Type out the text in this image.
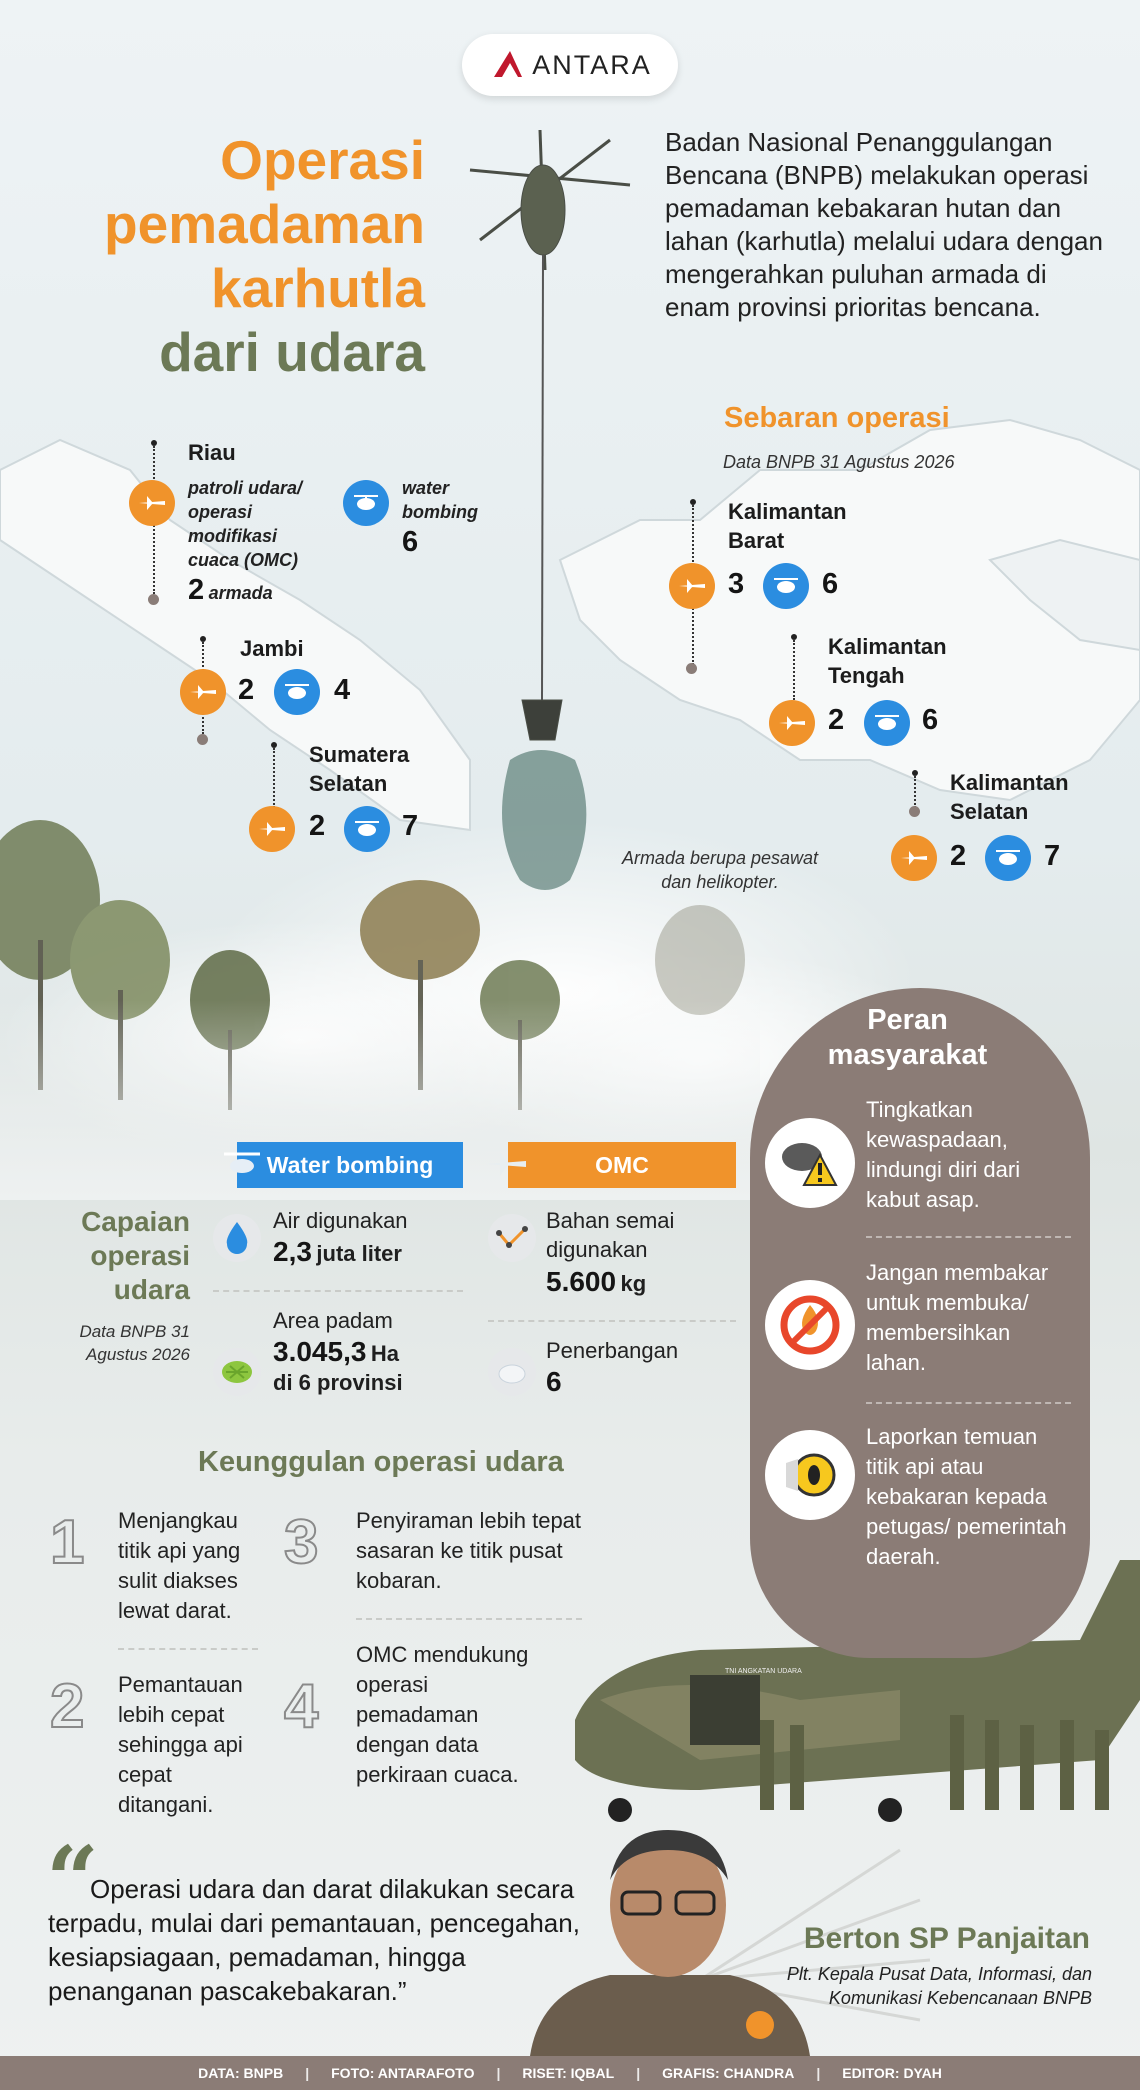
TNI ANGKATAN UDARA
ANTARA
Operasi
pemadaman
karhutla
dari udara
Badan Nasional Penanggulangan Bencana (BNPB) melakukan operasi pemadaman kebakaran hutan dan lahan (karhutla) melalui udara dengan mengerahkan puluhan armada di enam provinsi prioritas bencana.
Sebaran operasi
Data BNPB 31 Agustus 2026
Riau
patroli udara/ operasi modifikasi cuaca (OMC)
2 armada
water bombing
6
Jambi
2	4
Sumatera Selatan
2	7
Kalimantan Barat
3	6
Kalimantan Tengah
2	6
Kalimantan Selatan
2	7
Armada berupa pesawat dan helikopter.
Water bombing	OMC
Capaian operasi udara
Data BNPB 31 Agustus 2026
Air digunakan
2,3 juta liter
Area padam
3.045,3 Ha
di 6 provinsi
Bahan semai digunakan
5.600 kg
Penerbangan
6
Peran masyarakat
Tingkatkan kewaspadaan, lindungi diri dari kabut asap.
Jangan membakar untuk membuka/ membersihkan lahan.
Laporkan temuan titik api atau kebakaran kepada petugas/ pemerintah daerah.
Keunggulan operasi udara
1 Menjangkau titik api yang sulit diakses lewat darat.
2 Pemantauan lebih cepat sehingga api cepat ditangani.
3 Penyiraman lebih tepat sasaran ke titik pusat kobaran.
4
OMC mendukung operasi pemadaman dengan data perkiraan cuaca.
“
Operasi udara dan darat dilakukan secara terpadu, mulai dari pemantauan, pencegahan, kesiapsiagaan, pemadaman, hingga penanganan pascakebakaran.”
Berton SP Panjaitan
Plt. Kepala Pusat Data, Informasi, dan Komunikasi Kebencanaan BNPB
DATA: BNPB | FOTO: ANTARAFOTO | RISET: IQBAL | GRAFIS: CHANDRA | EDITOR: DYAH
